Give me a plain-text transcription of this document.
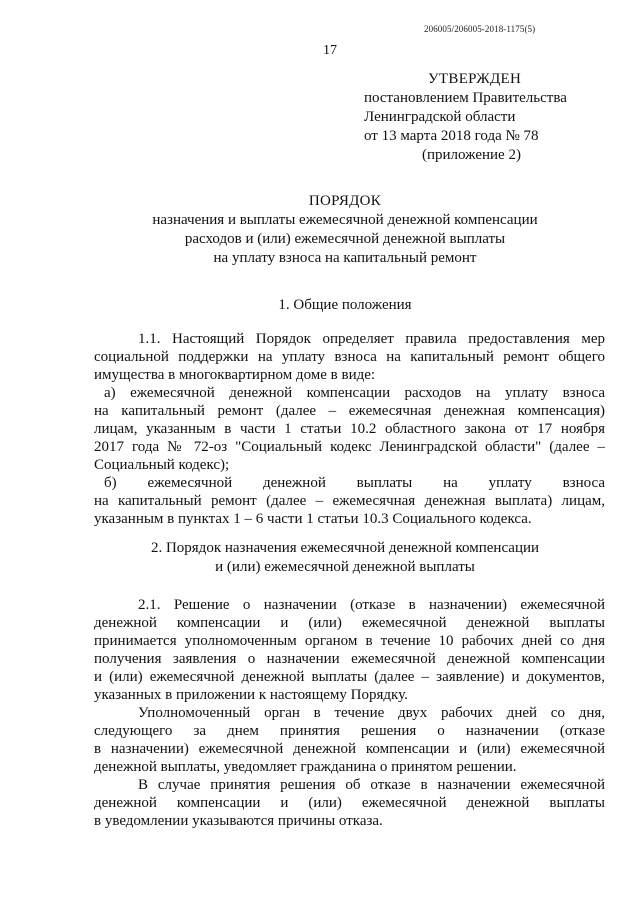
206005/206005-2018-1175(5)
17
УТВЕРЖДЕН
постановлением Правительства
Ленинградской области
от 13 марта 2018 года № 78
(приложение 2)
ПОРЯДОК
назначения и выплаты ежемесячной денежной компенсации
расходов и (или) ежемесячной денежной выплаты
на уплату взноса на капитальный ремонт
1. Общие положения
1.1. Настоящий Порядок определяет правила предоставления мер
социальной поддержки на уплату взноса на капитальный ремонт общего
имущества в многоквартирном доме в виде:
а) ежемесячной денежной компенсации расходов на уплату взноса
на капитальный ремонт (далее – ежемесячная денежная компенсация)
лицам, указанным в части 1 статьи 10.2 областного закона от 17 ноября
2017 года № 72-оз "Социальный кодекс Ленинградской области" (далее –
Социальный кодекс);
б) ежемесячной денежной выплаты на уплату взноса
на капитальный ремонт (далее – ежемесячная денежная выплата) лицам,
указанным в пунктах 1 – 6 части 1 статьи 10.3 Социального кодекса.
2. Порядок назначения ежемесячной денежной компенсации
и (или) ежемесячной денежной выплаты
2.1. Решение о назначении (отказе в назначении) ежемесячной
денежной компенсации и (или) ежемесячной денежной выплаты
принимается уполномоченным органом в течение 10 рабочих дней со дня
получения заявления о назначении ежемесячной денежной компенсации
и (или) ежемесячной денежной выплаты (далее – заявление) и документов,
указанных в приложении к настоящему Порядку.
Уполномоченный орган в течение двух рабочих дней со дня,
следующего за днем принятия решения о назначении (отказе
в назначении) ежемесячной денежной компенсации и (или) ежемесячной
денежной выплаты, уведомляет гражданина о принятом решении.
В случае принятия решения об отказе в назначении ежемесячной
денежной компенсации и (или) ежемесячной денежной выплаты
в уведомлении указываются причины отказа.
